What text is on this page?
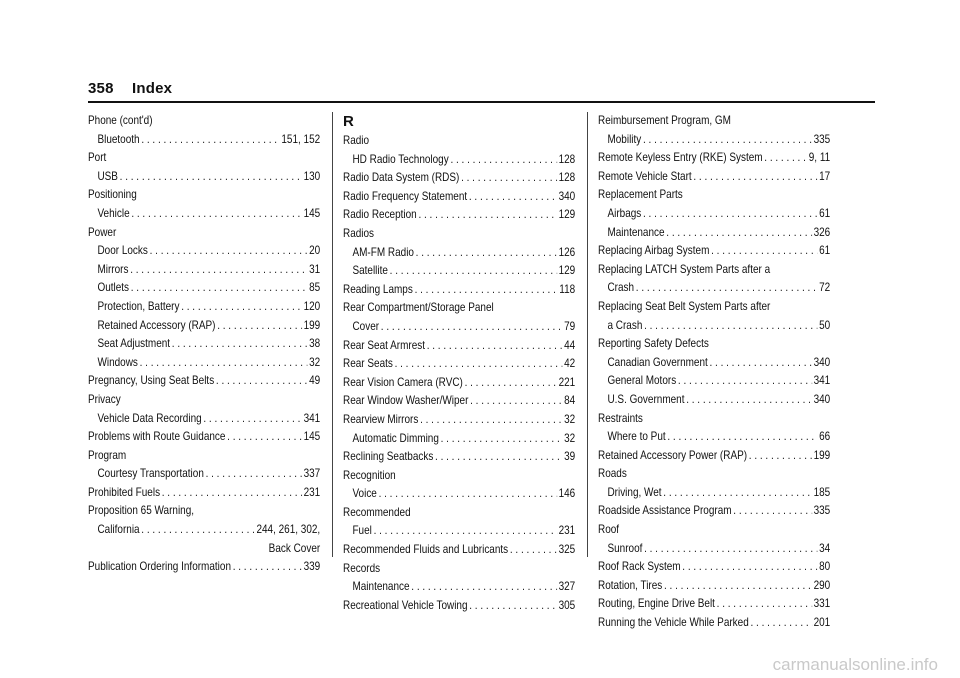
358 Index
Phone (cont'd)
Bluetooth . . .	151, 152
Port
USB . . .	130
Positioning
Vehicle . . .	145
Power
Door Locks . . .	20
Mirrors . . .	31
Outlets . . .	85
Protection, Battery . . .	120
Retained Accessory (RAP) . . .	199
Seat Adjustment . . .	38
Windows . . .	32
Pregnancy, Using Seat Belts . . .	49
Privacy
Vehicle Data Recording . . .	341
Problems with Route Guidance . . .	145
Program
Courtesy Transportation . . .	337
Prohibited Fuels . . .	231
Proposition 65 Warning,
California . . .	244, 261, 302,
Back Cover
Publication Ordering Information . . .	339
R
Radio
HD Radio Technology . . .	128
Radio Data System (RDS) . . .	128
Radio Frequency Statement . . .	340
Radio Reception . . .	129
Radios
AM-FM Radio . . .	126
Satellite . . .	129
Reading Lamps . . .	118
Rear Compartment/Storage Panel
Cover . . .	79
Rear Seat Armrest . . .	44
Rear Seats . . .	42
Rear Vision Camera (RVC) . . .	221
Rear Window Washer/Wiper . . .	84
Rearview Mirrors . . .	32
Automatic Dimming . . .	32
Reclining Seatbacks . . .	39
Recognition
Voice . . .	146
Recommended
Fuel . . .	231
Recommended Fluids and Lubricants . . .	325
Records
Maintenance . . .	327
Recreational Vehicle Towing . . .	305
Reimbursement Program, GM
Mobility . . .	335
Remote Keyless Entry (RKE) System . . .	9, 11
Remote Vehicle Start . . .	17
Replacement Parts
Airbags . . .	61
Maintenance . . .	326
Replacing Airbag System . . .	61
Replacing LATCH System Parts after a
Crash . . .	72
Replacing Seat Belt System Parts after
a Crash . . .	50
Reporting Safety Defects
Canadian Government . . .	340
General Motors . . .	341
U.S. Government . . .	340
Restraints
Where to Put . . .	66
Retained Accessory Power (RAP) . . .	199
Roads
Driving, Wet . . .	185
Roadside Assistance Program . . .	335
Roof
Sunroof . . .	34
Roof Rack System . . .	80
Rotation, Tires . . .	290
Routing, Engine Drive Belt . . .	331
Running the Vehicle While Parked . . .	201
carmanualsonline.info
